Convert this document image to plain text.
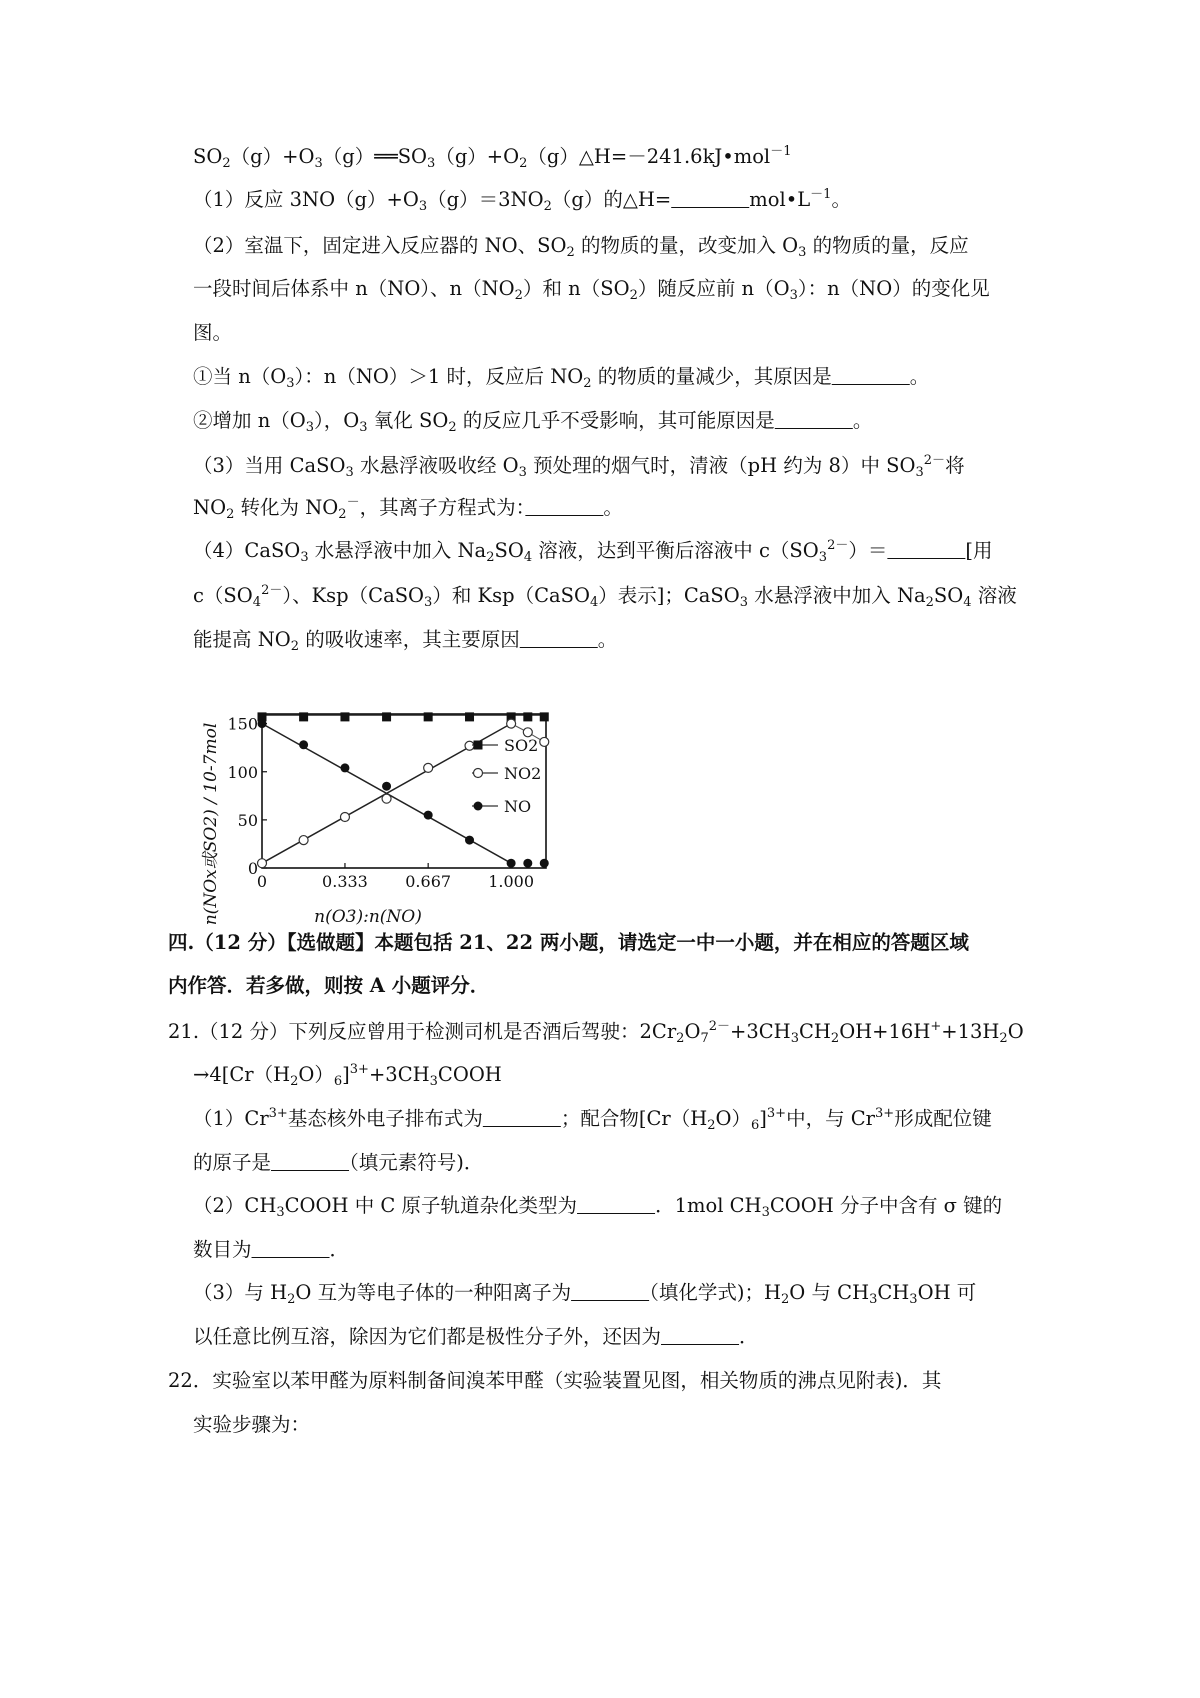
$SO_2(g)+O_3(g)══SO_3(g)+O_2(g)\triangle H=-241.6kJ•mol^{-1}$
（1）反应 $3NO(g)+O_3(g)=3NO_2(g)$的△H=　　　　	$mol•L^{-1}$。
（2）室温下，固定进入反应器的 NO、$SO_2$ 的物质的量，改变加入 $O_3$ 的物质的量，反应
一段时间后体系中 n（NO）、$n(NO_2)$和 $n(SO_2)$随反应前 $n(O_3)$：n（NO）的变化见
图。
①当 $n(O_3)$：n（NO）＞1 时，反应后 $NO_2$ 的物质的量减少，其原因是　　　　	。
②增加 $n(O_3)$，$O_3$ 氧化 $SO_2$ 的反应几乎不受影响，其可能原因是　　　　	。
（3）当用 CaSO$_3$ 水悬浮液吸收经 $O_3$ 预处理的烟气时，清液（pH 约为 8）中 $SO_3^{2-}$将
$NO_2$ 转化为 $NO_2^-$，其离子方程式为：　　　　	。
（4）CaSO$_3$ 水悬浮液中加入 $Na_2SO_4$ 溶液，达到平衡后溶液中 $c(SO_3^{2-})=$　　　　	[用
$c(SO_4^{2-})$、Ksp（CaSO$_3$）和 Ksp（CaSO$_4$）表示]；CaSO$_3$ 水悬浮液中加入 $Na_2SO_4$ 溶液
能提高 $NO_2$ 的吸收速率，其主要原因　　　　	。
0	0.333 0.667 1.000
0
50
100
150
SO2
NO2
NO
n(NOx或SO2) / 10-7mol	n(O3):n(NO)
四.（12 分）【选做题】本题包括 21、22 两小题，请选定一中一小题，并在相应的答题区域
内作答．若多做，则按 A 小题评分．
21.（12 分）下列反应曾用于检测司机是否酒后驾驶：$2Cr_2O_7^{2-}+3CH_3CH_2OH+16H^++13H_2O$
$\to 4[Cr(H_2O)_6]^{3+}+3CH_3COOH$
$(1)Cr^{3+}$基态核外电子排布式为　　　　	；配合物$[Cr(H_2O)_6]^{3+}$中，与 $Cr^{3+}$形成配位键
的原子是　　　　	（填元素符号)．
$(2)CH_3COOH$ 中 C 原子轨道杂化类型为　　　　	．1mol $CH_3COOH$ 分子中含有 σ 键的
数目为　　　　	．
（3）与 $H_2O$ 互为等电子体的一种阳离子为　　　　	（填化学式)；$H_2O$ 与 $CH_3CH_3OH$ 可
以任意比例互溶，除因为它们都是极性分子外，还因为　　　　	．
22．实验室以苯甲醛为原料制备间溴苯甲醛（实验装置见图，相关物质的沸点见附表)．其
实验步骤为：
